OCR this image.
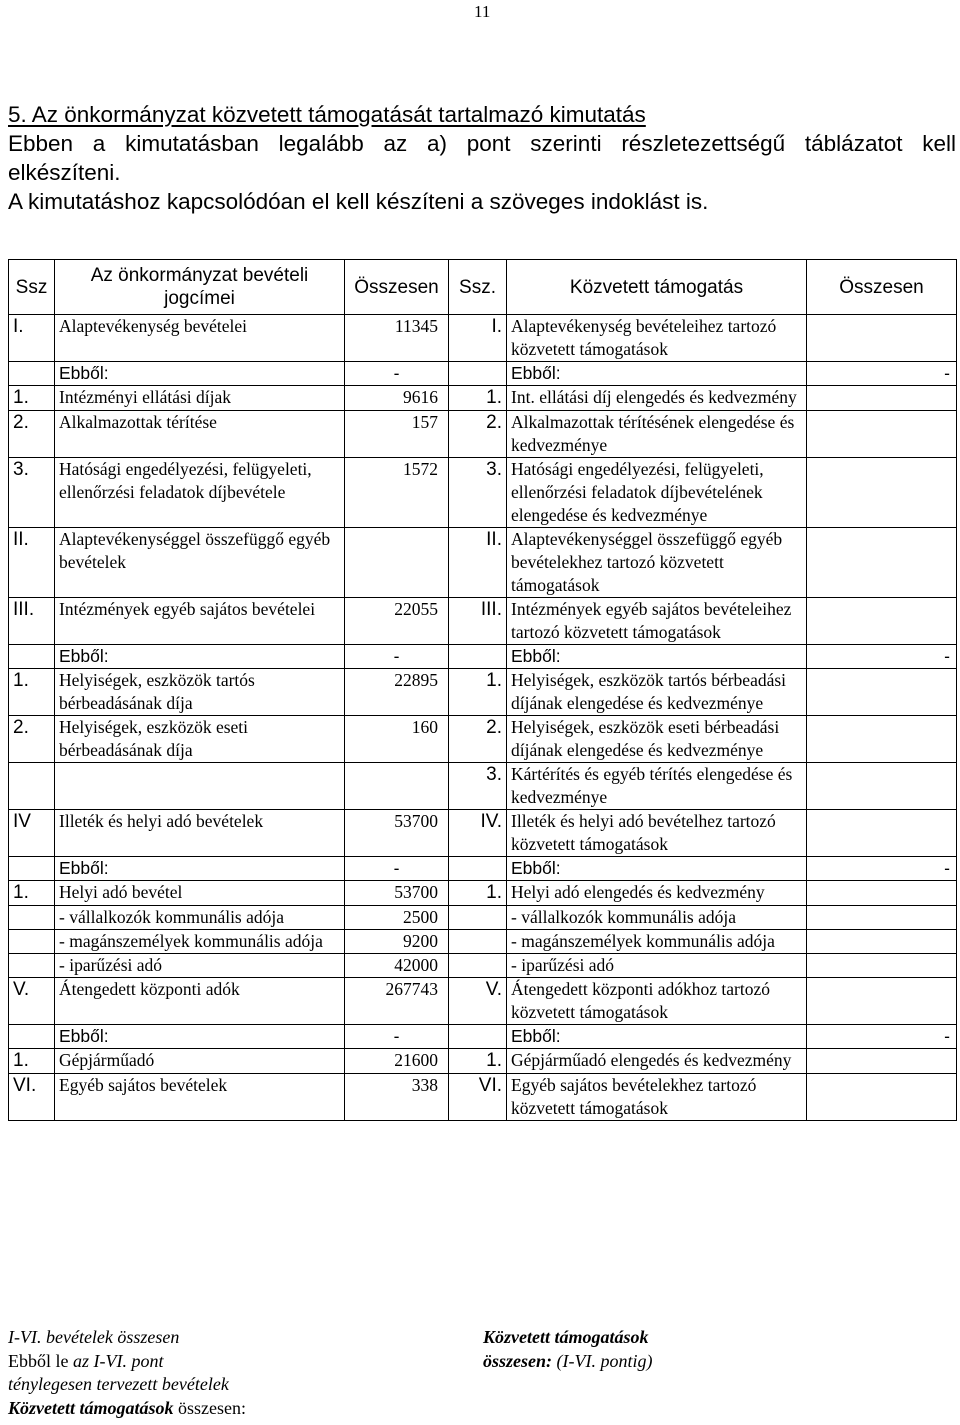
11
5. Az önkormányzat közvetett támogatását tartalmazó kimutatás
Ebben a kimutatásban legalább az a) pont szerinti részletezettségű táblázatot kell
elkészíteni.
A kimutatáshoz kapcsolódóan el kell készíteni a szöveges indoklást is.
Ssz	Az önkormányzat bevételi jogcímei	Összesen	Ssz.	Közvetett támogatás	Összesen
I.	Alaptevékenység bevételei	11345	I.	Alaptevékenység bevételeihez tartozó közvetett támogatások	
	Ebből:	-		Ebből:	-
1.	Intézményi ellátási díjak	9616	1.	Int. ellátási díj elengedés és kedvezmény	
2.	Alkalmazottak térítése	157	2.	Alkalmazottak térítésének elengedése és kedvezménye	
3.	Hatósági engedélyezési, felügyeleti, ellenőrzési feladatok díjbevétele	1572	3.	Hatósági engedélyezési, felügyeleti, ellenőrzési feladatok díjbevételének elengedése és kedvezménye	
II.	Alaptevékenységgel összefüggő egyéb bevételek		II.	Alaptevékenységgel összefüggő egyéb bevételekhez tartozó közvetett támogatások	
III.	Intézmények egyéb sajátos bevételei	22055	III.	Intézmények egyéb sajátos bevételeihez tartozó közvetett támogatások	
	Ebből:	-		Ebből:	-
1.	Helyiségek, eszközök tartós bérbeadásának díja	22895	1.	Helyiségek, eszközök tartós bérbeadási díjának elengedése és kedvezménye	
2.	Helyiségek, eszközök eseti bérbeadásának díja	160	2.	Helyiségek, eszközök eseti bérbeadási díjának elengedése és kedvezménye	
			3.	Kártérítés és egyéb térítés elengedése és kedvezménye	
IV	Illeték és helyi adó bevételek	53700	IV.	Illeték és helyi adó bevételhez tartozó közvetett támogatások	
	Ebből:	-		Ebből:	-
1.	Helyi adó bevétel	53700	1.	Helyi adó elengedés és kedvezmény	
	- vállalkozók kommunális adója	2500		- vállalkozók kommunális adója	
	- magánszemélyek kommunális adója	9200		- magánszemélyek kommunális adója	
	- iparűzési adó	42000		- iparűzési adó	
V.	Átengedett központi adók	267743	V.	Átengedett központi adókhoz tartozó közvetett támogatások	
	Ebből:	-		Ebből:	-
1.	Gépjárműadó	21600	1.	Gépjárműadó elengedés és kedvezmény	
VI.	Egyéb sajátos bevételek	338	VI.	Egyéb sajátos bevételekhez tartozó közvetett támogatások	
I-VI. bevételek összesen
Ebből le az I-VI. pont
ténylegesen tervezett bevételek
Közvetett támogatások összesen:
Közvetett támogatások
összesen: (I-VI. pontig)
